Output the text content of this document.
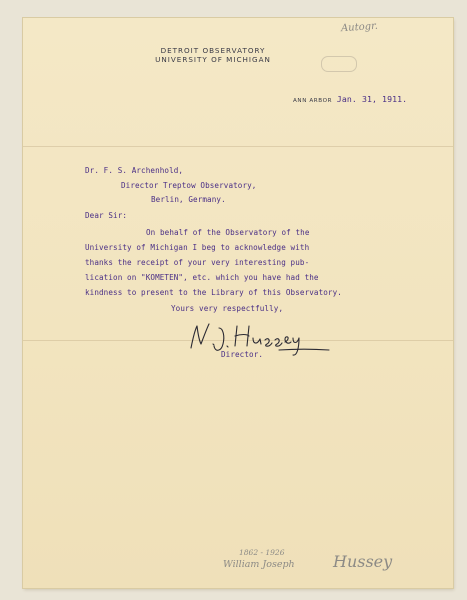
Autogr.
DETROIT OBSERVATORY
UNIVERSITY OF MICHIGAN
ANN ARBOR Jan. 31, 1911.
Dr. F. S. Archenhold,
Director Treptow Observatory,
Berlin, Germany.
Dear Sir:
On behalf of the Observatory of the
University of Michigan I beg to acknowledge with
thanks the receipt of your very interesting pub-
lication on "KOMETEN", etc. which you have had the
kindness to present to the Library of this Observatory.
Yours very respectfully,
Director.
1862 - 1926
William Joseph Hussey
